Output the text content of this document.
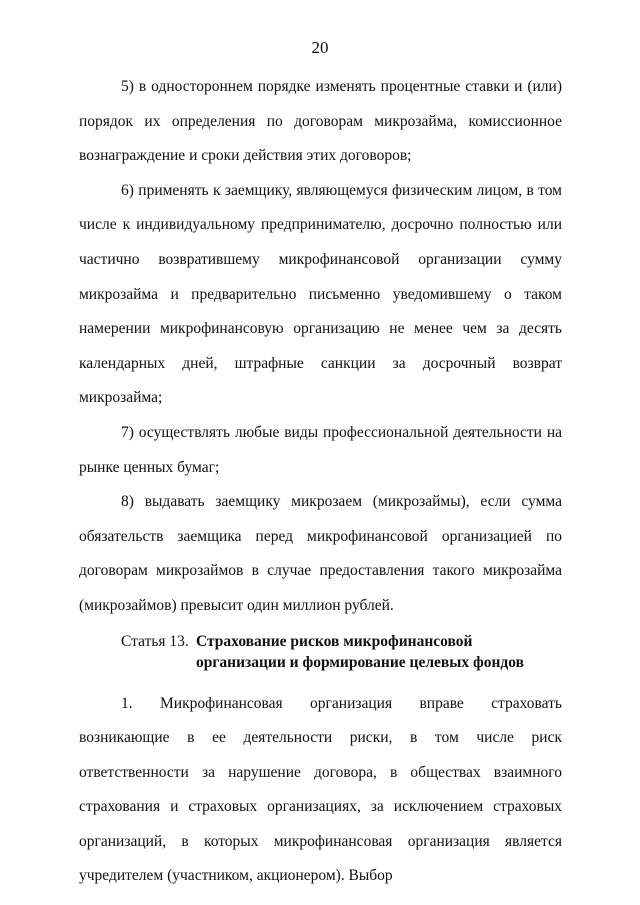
20

5) в одностороннем порядке изменять процентные ставки и (или) порядок их определения по договорам микрозайма, комиссионное вознаграждение и сроки действия этих договоров;

6) применять к заемщику, являющемуся физическим лицом, в том числе к индивидуальному предпринимателю, досрочно полностью или частично возвратившему микрофинансовой организации сумму микрозайма и предварительно письменно уведомившему о таком намерении микрофинансовую организацию не менее чем за десять календарных дней, штрафные санкции за досрочный возврат микрозайма;

7) осуществлять любые виды профессиональной деятельности на рынке ценных бумаг;

8) выдавать заемщику микрозаем (микрозаймы), если сумма обязательств заемщика перед микрофинансовой организацией по договорам микрозаймов в случае предоставления такого микрозайма (микрозаймов) превысит один миллион рублей.

Статья 13. Страхование рисков микрофинансовой организации и формирование целевых фондов

1. Микрофинансовая организация вправе страховать возникающие в ее деятельности риски, в том числе риск ответственности за нарушение договора, в обществах взаимного страхования и страховых организациях, за исключением страховых организаций, в которых микрофинансовая организация является учредителем (участником, акционером). Выбор
